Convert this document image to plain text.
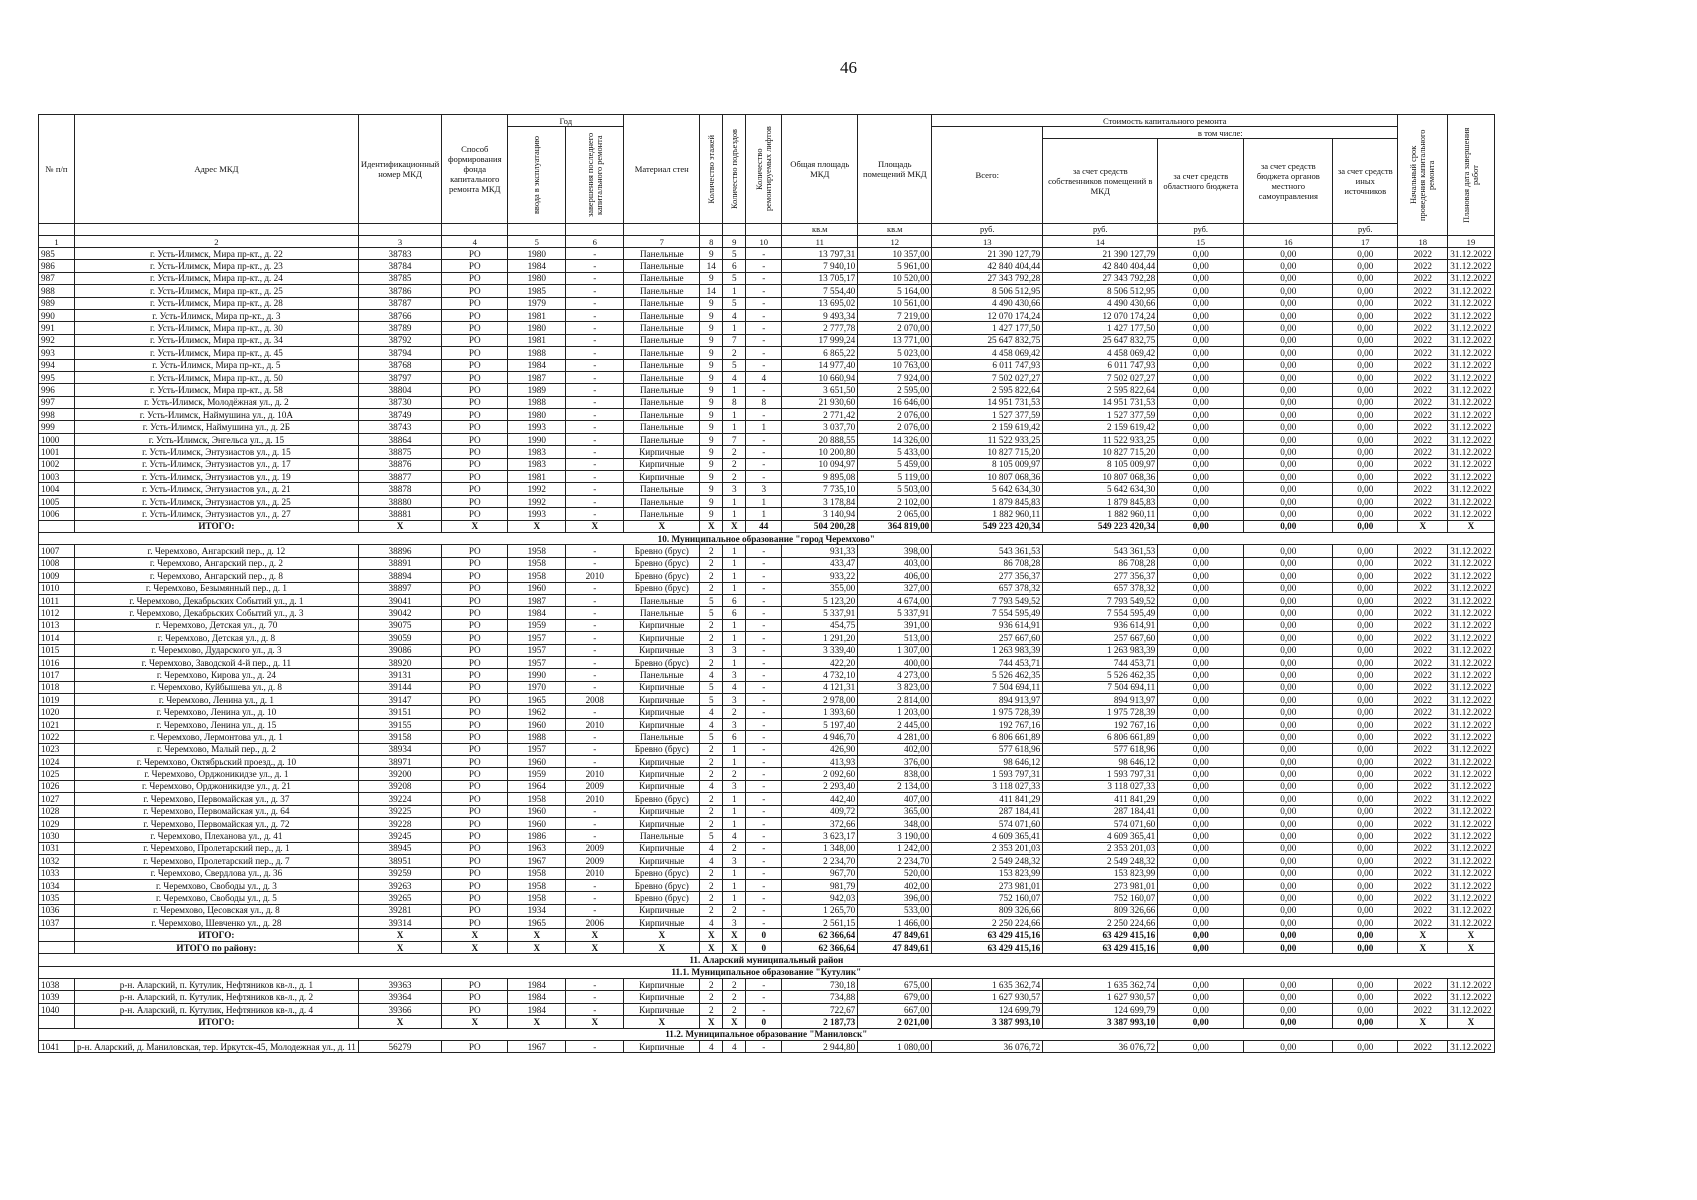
46
№ п/п	Адрес МКД	Идентификационный номер МКД	Способ формирования фонда капитального ремонта МКД	Год		Материал стен	Количество этажей	Количество подъездов	Количество ремонтируемых лифтов	Общая площадь МКД	Площадь помещений МКД	Стоимость капитального ремонта					Начальный срок проведения капитального ремонта	Плановая дата завершения работ

				ввода в эксплуатацию	завершения последнего капитального ремонта							Всего:	в том числе:					
													за счет средств собственников помещений в МКД	за счет средств областного бюджета	за счет средств бюджета органов местного самоуправления	за счет средств иных источников		
										кв.м	кв.м	руб.	руб.	руб.		руб.		
1	2	3	4	5	6	7	8	9	10	11	12	13	14	15	16	17	18	19
985	г. Усть-Илимск, Мира пр-кт., д. 22	38783	РО	1980	-	Панельные	9	5	-	13 797,31	10 357,00	21 390 127,79	21 390 127,79	0,00	0,00	0,00	2022	31.12.2022
986	г. Усть-Илимск, Мира пр-кт., д. 23	38784	РО	1984	-	Панельные	14	6	-	7 940,10	5 961,00	42 840 404,44	42 840 404,44	0,00	0,00	0,00	2022	31.12.2022
987	г. Усть-Илимск, Мира пр-кт., д. 24	38785	РО	1980	-	Панельные	9	5	-	13 705,17	10 520,00	27 343 792,28	27 343 792,28	0,00	0,00	0,00	2022	31.12.2022
988	г. Усть-Илимск, Мира пр-кт., д. 25	38786	РО	1985	-	Панельные	14	1	-	7 554,40	5 164,00	8 506 512,95	8 506 512,95	0,00	0,00	0,00	2022	31.12.2022
989	г. Усть-Илимск, Мира пр-кт., д. 28	38787	РО	1979	-	Панельные	9	5	-	13 695,02	10 561,00	4 490 430,66	4 490 430,66	0,00	0,00	0,00	2022	31.12.2022
990	г. Усть-Илимск, Мира пр-кт., д. 3	38766	РО	1981	-	Панельные	9	4	-	9 493,34	7 219,00	12 070 174,24	12 070 174,24	0,00	0,00	0,00	2022	31.12.2022
991	г. Усть-Илимск, Мира пр-кт., д. 30	38789	РО	1980	-	Панельные	9	1	-	2 777,78	2 070,00	1 427 177,50	1 427 177,50	0,00	0,00	0,00	2022	31.12.2022
992	г. Усть-Илимск, Мира пр-кт., д. 34	38792	РО	1981	-	Панельные	9	7	-	17 999,24	13 771,00	25 647 832,75	25 647 832,75	0,00	0,00	0,00	2022	31.12.2022
993	г. Усть-Илимск, Мира пр-кт., д. 45	38794	РО	1988	-	Панельные	9	2	-	6 865,22	5 023,00	4 458 069,42	4 458 069,42	0,00	0,00	0,00	2022	31.12.2022
994	г. Усть-Илимск, Мира пр-кт., д. 5	38768	РО	1984	-	Панельные	9	5	-	14 977,40	10 763,00	6 011 747,93	6 011 747,93	0,00	0,00	0,00	2022	31.12.2022
995	г. Усть-Илимск, Мира пр-кт., д. 50	38797	РО	1987	-	Панельные	9	4	4	10 660,94	7 924,00	7 502 027,27	7 502 027,27	0,00	0,00	0,00	2022	31.12.2022
996	г. Усть-Илимск, Мира пр-кт., д. 58	38804	РО	1989	-	Панельные	9	1	-	3 651,50	2 595,00	2 595 822,64	2 595 822,64	0,00	0,00	0,00	2022	31.12.2022
997	г. Усть-Илимск, Молодёжная ул., д. 2	38730	РО	1988	-	Панельные	9	8	8	21 930,60	16 646,00	14 951 731,53	14 951 731,53	0,00	0,00	0,00	2022	31.12.2022
998	г. Усть-Илимск, Наймушина ул., д. 10А	38749	РО	1980	-	Панельные	9	1	-	2 771,42	2 076,00	1 527 377,59	1 527 377,59	0,00	0,00	0,00	2022	31.12.2022
999	г. Усть-Илимск, Наймушина ул., д. 2Б	38743	РО	1993	-	Панельные	9	1	1	3 037,70	2 076,00	2 159 619,42	2 159 619,42	0,00	0,00	0,00	2022	31.12.2022
1000	г. Усть-Илимск, Энгельса ул., д. 15	38864	РО	1990	-	Панельные	9	7	-	20 888,55	14 326,00	11 522 933,25	11 522 933,25	0,00	0,00	0,00	2022	31.12.2022
1001	г. Усть-Илимск, Энтузиастов ул., д. 15	38875	РО	1983	-	Кирпичные	9	2	-	10 200,80	5 433,00	10 827 715,20	10 827 715,20	0,00	0,00	0,00	2022	31.12.2022
1002	г. Усть-Илимск, Энтузиастов ул., д. 17	38876	РО	1983	-	Кирпичные	9	2	-	10 094,97	5 459,00	8 105 009,97	8 105 009,97	0,00	0,00	0,00	2022	31.12.2022
1003	г. Усть-Илимск, Энтузиастов ул., д. 19	38877	РО	1981	-	Кирпичные	9	2	-	9 895,08	5 119,00	10 807 068,36	10 807 068,36	0,00	0,00	0,00	2022	31.12.2022
1004	г. Усть-Илимск, Энтузиастов ул., д. 21	38878	РО	1992	-	Панельные	9	3	3	7 735,10	5 503,00	5 642 634,30	5 642 634,30	0,00	0,00	0,00	2022	31.12.2022
1005	г. Усть-Илимск, Энтузиастов ул., д. 25	38880	РО	1992	-	Панельные	9	1	1	3 178,84	2 102,00	1 879 845,83	1 879 845,83	0,00	0,00	0,00	2022	31.12.2022
1006	г. Усть-Илимск, Энтузиастов ул., д. 27	38881	РО	1993	-	Панельные	9	1	1	3 140,94	2 065,00	1 882 960,11	1 882 960,11	0,00	0,00	0,00	2022	31.12.2022
	ИТОГО:	X	X	X	X	X	X	X	44	504 200,28	364 819,00	549 223 420,34	549 223 420,34	0,00	0,00	0,00	X	X
10. Муниципальное образование "город Черемхово"																		
1007	г. Черемхово, Ангарский пер., д. 12	38896	РО	1958	-	Бревно (брус)	2	1	-	931,33	398,00	543 361,53	543 361,53	0,00	0,00	0,00	2022	31.12.2022
1008	г. Черемхово, Ангарский пер., д. 2	38891	РО	1958	-	Бревно (брус)	2	1	-	433,47	403,00	86 708,28	86 708,28	0,00	0,00	0,00	2022	31.12.2022
1009	г. Черемхово, Ангарский пер., д. 8	38894	РО	1958	2010	Бревно (брус)	2	1	-	933,22	406,00	277 356,37	277 356,37	0,00	0,00	0,00	2022	31.12.2022
1010	г. Черемхово, Безымянный пер., д. 1	38897	РО	1960	-	Бревно (брус)	2	1	-	355,00	327,00	657 378,32	657 378,32	0,00	0,00	0,00	2022	31.12.2022
1011	г. Черемхово, Декабрьских Событий ул., д. 1	39041	РО	1987	-	Панельные	5	6	-	5 123,20	4 674,00	7 793 549,52	7 793 549,52	0,00	0,00	0,00	2022	31.12.2022
1012	г. Черемхово, Декабрьских Событий ул., д. 3	39042	РО	1984	-	Панельные	5	6	-	5 337,91	5 337,91	7 554 595,49	7 554 595,49	0,00	0,00	0,00	2022	31.12.2022
1013	г. Черемхово, Детская ул., д. 70	39075	РО	1959	-	Кирпичные	2	1	-	454,75	391,00	936 614,91	936 614,91	0,00	0,00	0,00	2022	31.12.2022
1014	г. Черемхово, Детская ул., д. 8	39059	РО	1957	-	Кирпичные	2	1	-	1 291,20	513,00	257 667,60	257 667,60	0,00	0,00	0,00	2022	31.12.2022
1015	г. Черемхово, Дударского ул., д. 3	39086	РО	1957	-	Кирпичные	3	3	-	3 339,40	1 307,00	1 263 983,39	1 263 983,39	0,00	0,00	0,00	2022	31.12.2022
1016	г. Черемхово, Заводской 4-й пер., д. 11	38920	РО	1957	-	Бревно (брус)	2	1	-	422,20	400,00	744 453,71	744 453,71	0,00	0,00	0,00	2022	31.12.2022
1017	г. Черемхово, Кирова ул., д. 24	39131	РО	1990	-	Панельные	4	3	-	4 732,10	4 273,00	5 526 462,35	5 526 462,35	0,00	0,00	0,00	2022	31.12.2022
1018	г. Черемхово, Куйбышева ул., д. 8	39144	РО	1970	-	Кирпичные	5	4	-	4 121,31	3 823,00	7 504 694,11	7 504 694,11	0,00	0,00	0,00	2022	31.12.2022
1019	г. Черемхово, Ленина ул., д. 1	39147	РО	1965	2008	Кирпичные	5	3	-	2 978,00	2 814,00	894 913,97	894 913,97	0,00	0,00	0,00	2022	31.12.2022
1020	г. Черемхово, Ленина ул., д. 10	39151	РО	1962	-	Кирпичные	4	2	-	1 393,60	1 203,00	1 975 728,39	1 975 728,39	0,00	0,00	0,00	2022	31.12.2022
1021	г. Черемхово, Ленина ул., д. 15	39155	РО	1960	2010	Кирпичные	4	3	-	5 197,40	2 445,00	192 767,16	192 767,16	0,00	0,00	0,00	2022	31.12.2022
1022	г. Черемхово, Лермонтова ул., д. 1	39158	РО	1988	-	Панельные	5	6	-	4 946,70	4 281,00	6 806 661,89	6 806 661,89	0,00	0,00	0,00	2022	31.12.2022
1023	г. Черемхово, Малый пер., д. 2	38934	РО	1957	-	Бревно (брус)	2	1	-	426,90	402,00	577 618,96	577 618,96	0,00	0,00	0,00	2022	31.12.2022
1024	г. Черемхово, Октябрьский проезд., д. 10	38971	РО	1960	-	Кирпичные	2	1	-	413,93	376,00	98 646,12	98 646,12	0,00	0,00	0,00	2022	31.12.2022
1025	г. Черемхово, Орджоникидзе ул., д. 1	39200	РО	1959	2010	Кирпичные	2	2	-	2 092,60	838,00	1 593 797,31	1 593 797,31	0,00	0,00	0,00	2022	31.12.2022
1026	г. Черемхово, Орджоникидзе ул., д. 21	39208	РО	1964	2009	Кирпичные	4	3	-	2 293,40	2 134,00	3 118 027,33	3 118 027,33	0,00	0,00	0,00	2022	31.12.2022
1027	г. Черемхово, Первомайская ул., д. 37	39224	РО	1958	2010	Бревно (брус)	2	1	-	442,40	407,00	411 841,29	411 841,29	0,00	0,00	0,00	2022	31.12.2022
1028	г. Черемхово, Первомайская ул., д. 64	39225	РО	1960	-	Кирпичные	2	1	-	409,72	365,00	287 184,41	287 184,41	0,00	0,00	0,00	2022	31.12.2022
1029	г. Черемхово, Первомайская ул., д. 72	39228	РО	1960	-	Кирпичные	2	1	-	372,66	348,00	574 071,60	574 071,60	0,00	0,00	0,00	2022	31.12.2022
1030	г. Черемхово, Плеханова ул., д. 41	39245	РО	1986	-	Панельные	5	4	-	3 623,17	3 190,00	4 609 365,41	4 609 365,41	0,00	0,00	0,00	2022	31.12.2022
1031	г. Черемхово, Пролетарский пер., д. 1	38945	РО	1963	2009	Кирпичные	4	2	-	1 348,00	1 242,00	2 353 201,03	2 353 201,03	0,00	0,00	0,00	2022	31.12.2022
1032	г. Черемхово, Пролетарский пер., д. 7	38951	РО	1967	2009	Кирпичные	4	3	-	2 234,70	2 234,70	2 549 248,32	2 549 248,32	0,00	0,00	0,00	2022	31.12.2022
1033	г. Черемхово, Свердлова ул., д. 36	39259	РО	1958	2010	Бревно (брус)	2	1	-	967,70	520,00	153 823,99	153 823,99	0,00	0,00	0,00	2022	31.12.2022
1034	г. Черемхово, Свободы ул., д. 3	39263	РО	1958	-	Бревно (брус)	2	1	-	981,79	402,00	273 981,01	273 981,01	0,00	0,00	0,00	2022	31.12.2022
1035	г. Черемхово, Свободы ул., д. 5	39265	РО	1958	-	Бревно (брус)	2	1	-	942,03	396,00	752 160,07	752 160,07	0,00	0,00	0,00	2022	31.12.2022
1036	г. Черемхово, Цесовская ул., д. 8	39281	РО	1934	-	Кирпичные	2	2	-	1 265,70	533,00	809 326,66	809 326,66	0,00	0,00	0,00	2022	31.12.2022
1037	г. Черемхово, Шевченко ул., д. 28	39314	РО	1965	2006	Кирпичные	4	3	-	2 561,15	1 466,00	2 250 224,66	2 250 224,66	0,00	0,00	0,00	2022	31.12.2022
	ИТОГО:	X	X	X	X	X	X	X	0	62 366,64	47 849,61	63 429 415,16	63 429 415,16	0,00	0,00	0,00	X	X
	ИТОГО по району:	X	X	X	X	X	X	X	0	62 366,64	47 849,61	63 429 415,16	63 429 415,16	0,00	0,00	0,00	X	X
11. Аларский муниципальный район																		
11.1. Муниципальное образование "Кутулик"																		
1038	р-н. Аларский, п. Кутулик, Нефтяников кв-л., д. 1	39363	РО	1984	-	Кирпичные	2	2	-	730,18	675,00	1 635 362,74	1 635 362,74	0,00	0,00	0,00	2022	31.12.2022
1039	р-н. Аларский, п. Кутулик, Нефтяников кв-л., д. 2	39364	РО	1984	-	Кирпичные	2	2	-	734,88	679,00	1 627 930,57	1 627 930,57	0,00	0,00	0,00	2022	31.12.2022
1040	р-н. Аларский, п. Кутулик, Нефтяников кв-л., д. 4	39366	РО	1984	-	Кирпичные	2	2	-	722,67	667,00	124 699,79	124 699,79	0,00	0,00	0,00	2022	31.12.2022
	ИТОГО:	X	X	X	X	X	X	X	0	2 187,73	2 021,00	3 387 993,10	3 387 993,10	0,00	0,00	0,00	X	X
11.2. Муниципальное образование "Маниловск"																		
1041	р-н. Аларский, д. Маниловская, тер. Иркутск-45, Молодежная ул., д. 11	56279	РО	1967	-	Кирпичные	4	4	-	2 944,80	1 080,00	36 076,72	36 076,72	0,00	0,00	0,00	2022	31.12.2022
